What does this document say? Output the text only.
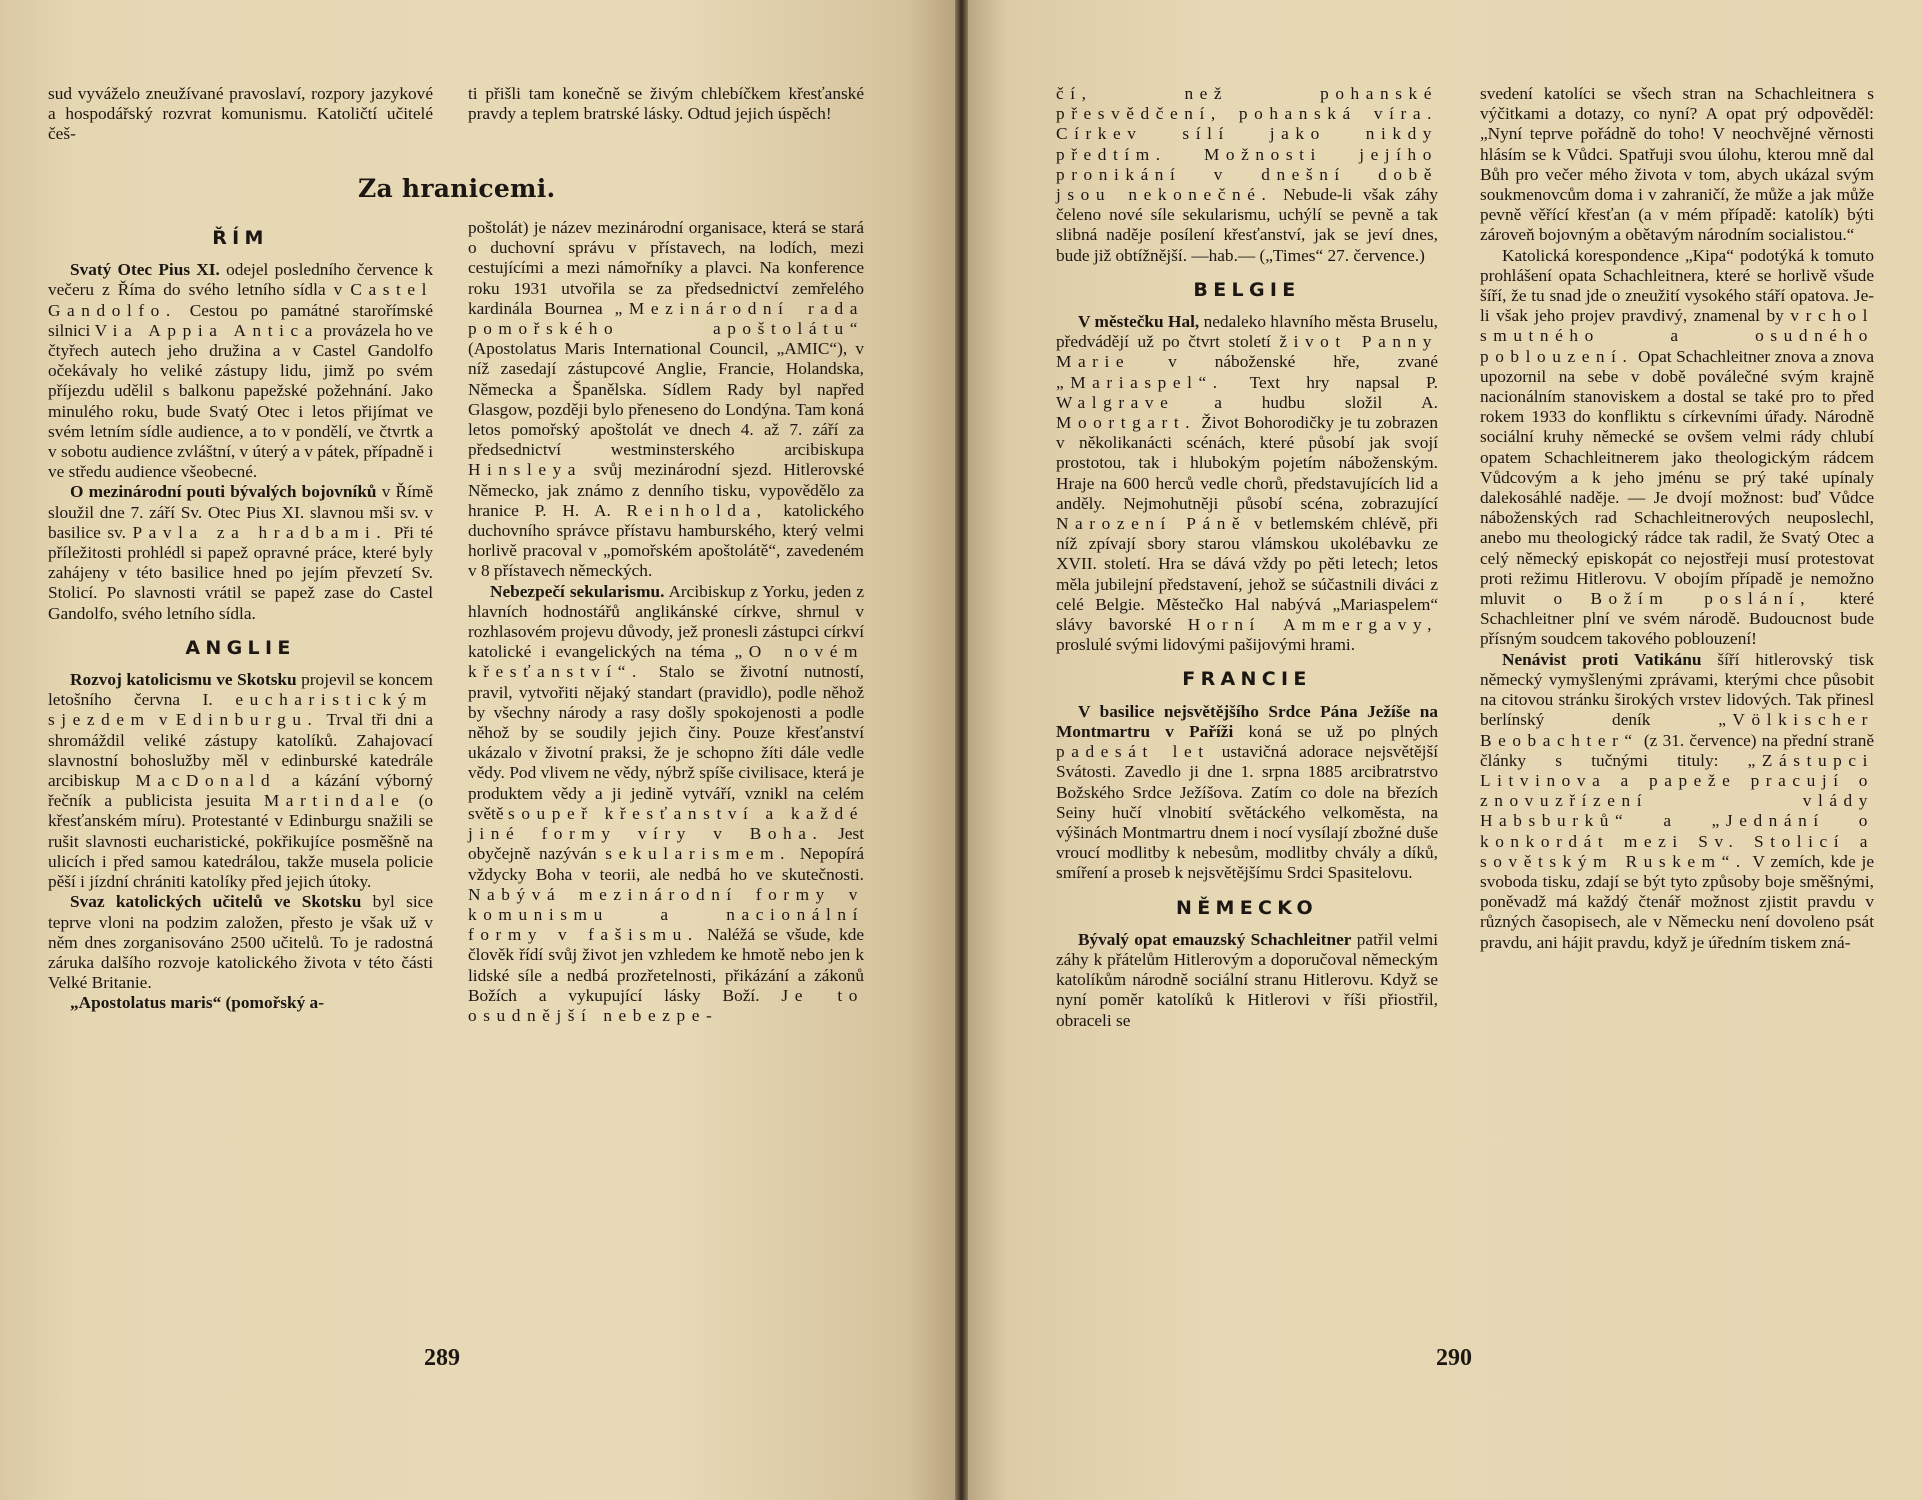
sud vyváželo zneužívané pravoslaví, rozpory jazykové a hospodářský rozvrat komunismu. Katoličtí učitelé češ-

ti přišli tam konečně se živým chlebíčkem křesťanské pravdy a teplem bratrské lásky. Odtud jejich úspěch!

Za hranicemi.

ŘÍM

Svatý Otec Pius XI. odejel posledního července k večeru z Říma do svého letního sídla v Castel Gandolfo. Cestou po památné starořímské silnici Via Appia Antica provázela ho ve čtyřech autech jeho družina a v Castel Gandolfo očekávaly ho veliké zástupy lidu, jimž po svém příjezdu udělil s balkonu papežské požehnání. Jako minulého roku, bude Svatý Otec i letos přijímat ve svém letním sídle audience, a to v pondělí, ve čtvrtk a v sobotu audience zvláštní, v úterý a v pátek, případně i ve středu audience všeobecné.

O mezinárodní pouti bývalých bojovníků v Římě sloužil dne 7. září Sv. Otec Pius XI. slavnou mši sv. v basilice sv. Pavla za hradbami. Při té příležitosti prohlédl si papež opravné práce, které byly zahájeny v této basilice hned po jejím převzetí Sv. Stolicí. Po slavnosti vrátil se papež zase do Castel Gandolfo, svého letního sídla.

ANGLIE

Rozvoj katolicismu ve Skotsku projevil se koncem letošního června I. eucharistickým sjezdem v Edinburgu. Trval tři dni a shromáždil veliké zástupy katolíků. Zahajovací slavnostní bohoslužby měl v edinburské katedrále arcibiskup MacDonald a kázání výborný řečník a publicista jesuita Martindale (o křesťanském míru). Protestanté v Edinburgu snažili se rušit slavnosti eucharistické, pokřikujíce posměšně na ulicích i před samou katedrálou, takže musela policie pěší i jízdní chrániti katolíky před jejich útoky.

Svaz katolických učitelů ve Skotsku byl sice teprve vloni na podzim založen, přesto je však už v něm dnes zorganisováno 2500 učitelů. To je radostná záruka dalšího rozvoje katolického života v této části Velké Britanie.

„Apostolatus maris“ (pomořský a-

poštolát) je název mezinárodní organisace, která se stará o duchovní správu v přístavech, na lodích, mezi cestujícími a mezi námořníky a plavci. Na konference roku 1931 utvořila se za předsednictví zemřelého kardinála Bournea „Mezinárodní rada pomořského apoštolátu“ (Apostolatus Maris International Council, „AMIC“), v níž zasedají zástupcové Anglie, Francie, Holandska, Německa a Španělska. Sídlem Rady byl napřed Glasgow, později bylo přeneseno do Londýna. Tam koná letos pomořský apoštolát ve dnech 4. až 7. září za předsednictví westminsterského arcibiskupa Hinsleya svůj mezinárodní sjezd. Hitlerovské Německo, jak známo z denního tisku, vypovědělo za hranice P. H. A. Reinholda, katolického duchovního správce přístavu hamburského, který velmi horlivě pracoval v „pomořském apoštolátě“, zavedeném v 8 přístavech německých.

Nebezpečí sekularismu. Arcibiskup z Yorku, jeden z hlavních hodnostářů anglikánské církve, shrnul v rozhlasovém projevu důvody, jež pronesli zástupci církví katolické i evangelických na téma „O novém křesťanství“. Stalo se životní nutností, pravil, vytvořiti nějaký standart (pravidlo), podle něhož by všechny národy a rasy došly spokojenosti a podle něhož by se soudily jejich činy. Pouze křesťanství ukázalo v životní praksi, že je schopno žíti dále vedle vědy. Pod vlivem ne vědy, nýbrž spíše civilisace, která je produktem vědy a ji jedině vytváří, vznikl na celém světě soupeř křesťanství a každé jiné formy víry v Boha. Jest obyčejně nazýván sekularismem. Nepopírá vždycky Boha v teorii, ale nedbá ho ve skutečnosti. Nabývá mezinárodní formy v komunismu a nacionální formy v fašismu. Naléžá se všude, kde člověk řídí svůj život jen vzhledem ke hmotě nebo jen k lidské síle a nedbá prozřetelnosti, přikázání a zákonů Božích a vykupující lásky Boží. Je to osudnější nebezpe-

289

čí, než pohanské přesvědčení, pohanská víra. Církev sílí jako nikdy předtím. Možnosti jejího pronikání v dnešní době jsou nekonečné. Nebude-li však záhy čeleno nové síle sekularismu, uchýlí se pevně a tak slibná naděje posílení křesťanství, jak se jeví dnes, bude již obtížnější. —hab.— („Times“ 27. července.)

BELGIE

V městečku Hal, nedaleko hlavního města Bruselu, předvádějí už po čtvrt století život Panny Marie v náboženské hře, zvané „Mariaspel“. Text hry napsal P. Walgrave a hudbu složil A. Moortgart. Život Bohorodičky je tu zobrazen v několikanácti scénách, které působí jak svojí prostotou, tak i hlubokým pojetím náboženským. Hraje na 600 herců vedle chorů, představujících lid a anděly. Nejmohutněji působí scéna, zobrazující Narození Páně v betlemském chlévě, při níž zpívají sbory starou vlámskou ukolébavku ze XVII. století. Hra se dává vždy po pěti letech; letos měla jubilejní představení, jehož se súčastnili diváci z celé Belgie. Městečko Hal nabývá „Mariaspelem“ slávy bavorské Horní Ammergavy, proslulé svými lidovými pašijovými hrami.

FRANCIE

V basilice nejsvětějšího Srdce Pána Ježíše na Montmartru v Paříži koná se už po plných padesát let ustavičná adorace nejsvětější Svátosti. Zavedlo ji dne 1. srpna 1885 arcibratrstvo Božského Srdce Ježíšova. Zatím co dole na březích Seiny hučí vlnobití světáckého velkoměsta, na výšinách Montmartru dnem i nocí vysílají zbožné duše vroucí modlitby k nebesům, modlitby chvály a díků, smíření a proseb k nejsvětějšímu Srdci Spasitelovu.

NĚMECKO

Bývalý opat emauzský Schachleitner patřil velmi záhy k přátelům Hitlerovým a doporučoval německým katolíkům národně sociální stranu Hitlerovu. Když se nyní poměr katolíků k Hitlerovi v říši přiostřil, obraceli se

svedení katolíci se všech stran na Schachleitnera s výčitkami a dotazy, co nyní? A opat prý odpověděl: „Nyní teprve pořádně do toho! V neochvějné věrnosti hlásím se k Vůdci. Spatřuji svou úlohu, kterou mně dal Bůh pro večer mého života v tom, abych ukázal svým soukmenovcům doma i v zahraničí, že může a jak může pevně věřící křesťan (a v mém případě: katolík) býti zároveň bojovným a obětavým národním socialistou.“

Katolická korespondence „Kipa“ podotýká k tomuto prohlášení opata Schachleitnera, které se horlivě všude šíří, že tu snad jde o zneužití vysokého stáří opatova. Je-li však jeho projev pravdivý, znamenal by vrchol smutného a osudného poblouzení. Opat Schachleitner znova a znova upozornil na sebe v době poválečné svým krajně nacionálním stanoviskem a dostal se také pro to před rokem 1933 do konfliktu s církevními úřady. Národně sociální kruhy německé se ovšem velmi rády chlubí opatem Schachleitnerem jako theologickým rádcem Vůdcovým a k jeho jménu se prý také upínaly dalekosáhlé naděje. — Je dvojí možnost: buď Vůdce náboženských rad Schachleitnerových neuposlechl, anebo mu theologický rádce tak radil, že Svatý Otec a celý německý episkopát co nejostřeji musí protestovat proti režimu Hitlerovu. V obojím případě je nemožno mluvit o Božím poslání, které Schachleitner plní ve svém národě. Budoucnost bude přísným soudcem takového poblouzení!

Nenávist proti Vatikánu šíří hitlerovský tisk německý vymyšlenými zprávami, kterými chce působit na citovou stránku širokých vrstev lidových. Tak přinesl berlínský deník „Völkischer Beobachter“ (z 31. července) na přední straně články s tučnými tituly: „Zástupci Litvinova a papeže pracují o znovuzřízení vlády Habsburků“ a „Jednání o konkordát mezi Sv. Stolicí a sovětským Ruskem“. V zemích, kde je svoboda tisku, zdají se být tyto způsoby boje směšnými, poněvadž má každý čtenář možnost zjistit pravdu v různých časopisech, ale v Německu není dovoleno psát pravdu, ani hájit pravdu, když je úředním tiskem zná-

290
